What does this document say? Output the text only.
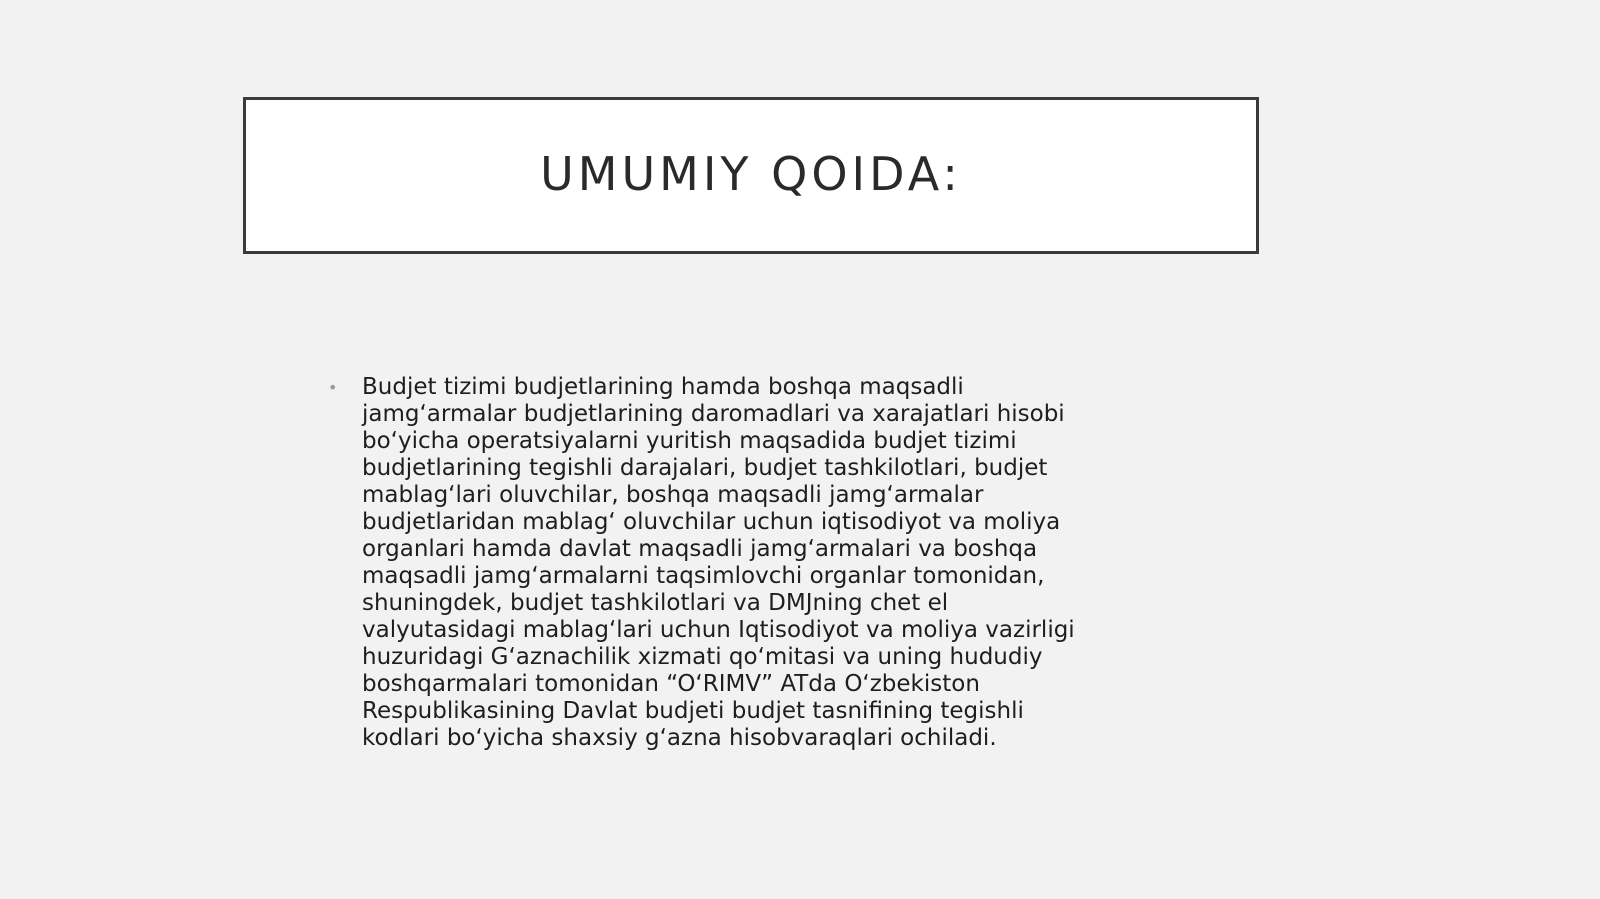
UMUMIY QOIDA:
• Budjet tizimi budjetlarining hamda boshqa maqsadli jamg‘armalar budjetlarining daromadlari va xarajatlari hisobi bo‘yicha operatsiyalarni yuritish maqsadida budjet tizimi budjetlarining tegishli darajalari, budjet tashkilotlari, budjet mablag‘lari oluvchilar, boshqa maqsadli jamg‘armalar budjetlaridan mablag‘ oluvchilar uchun iqtisodiyot va moliya organlari hamda davlat maqsadli jamg‘armalari va boshqa maqsadli jamg‘armalarni taqsimlovchi organlar tomonidan, shuningdek, budjet tashkilotlari va DMJning chet el valyutasidagi mablag‘lari uchun Iqtisodiyot va moliya vazirligi huzuridagi G‘aznachilik xizmati qo‘mitasi va uning hududiy boshqarmalari tomonidan “O‘RIMV” ATda O‘zbekiston Respublikasining Davlat budjeti budjet tasnifining tegishli kodlari bo‘yicha shaxsiy g‘azna hisobvaraqlari ochiladi.
